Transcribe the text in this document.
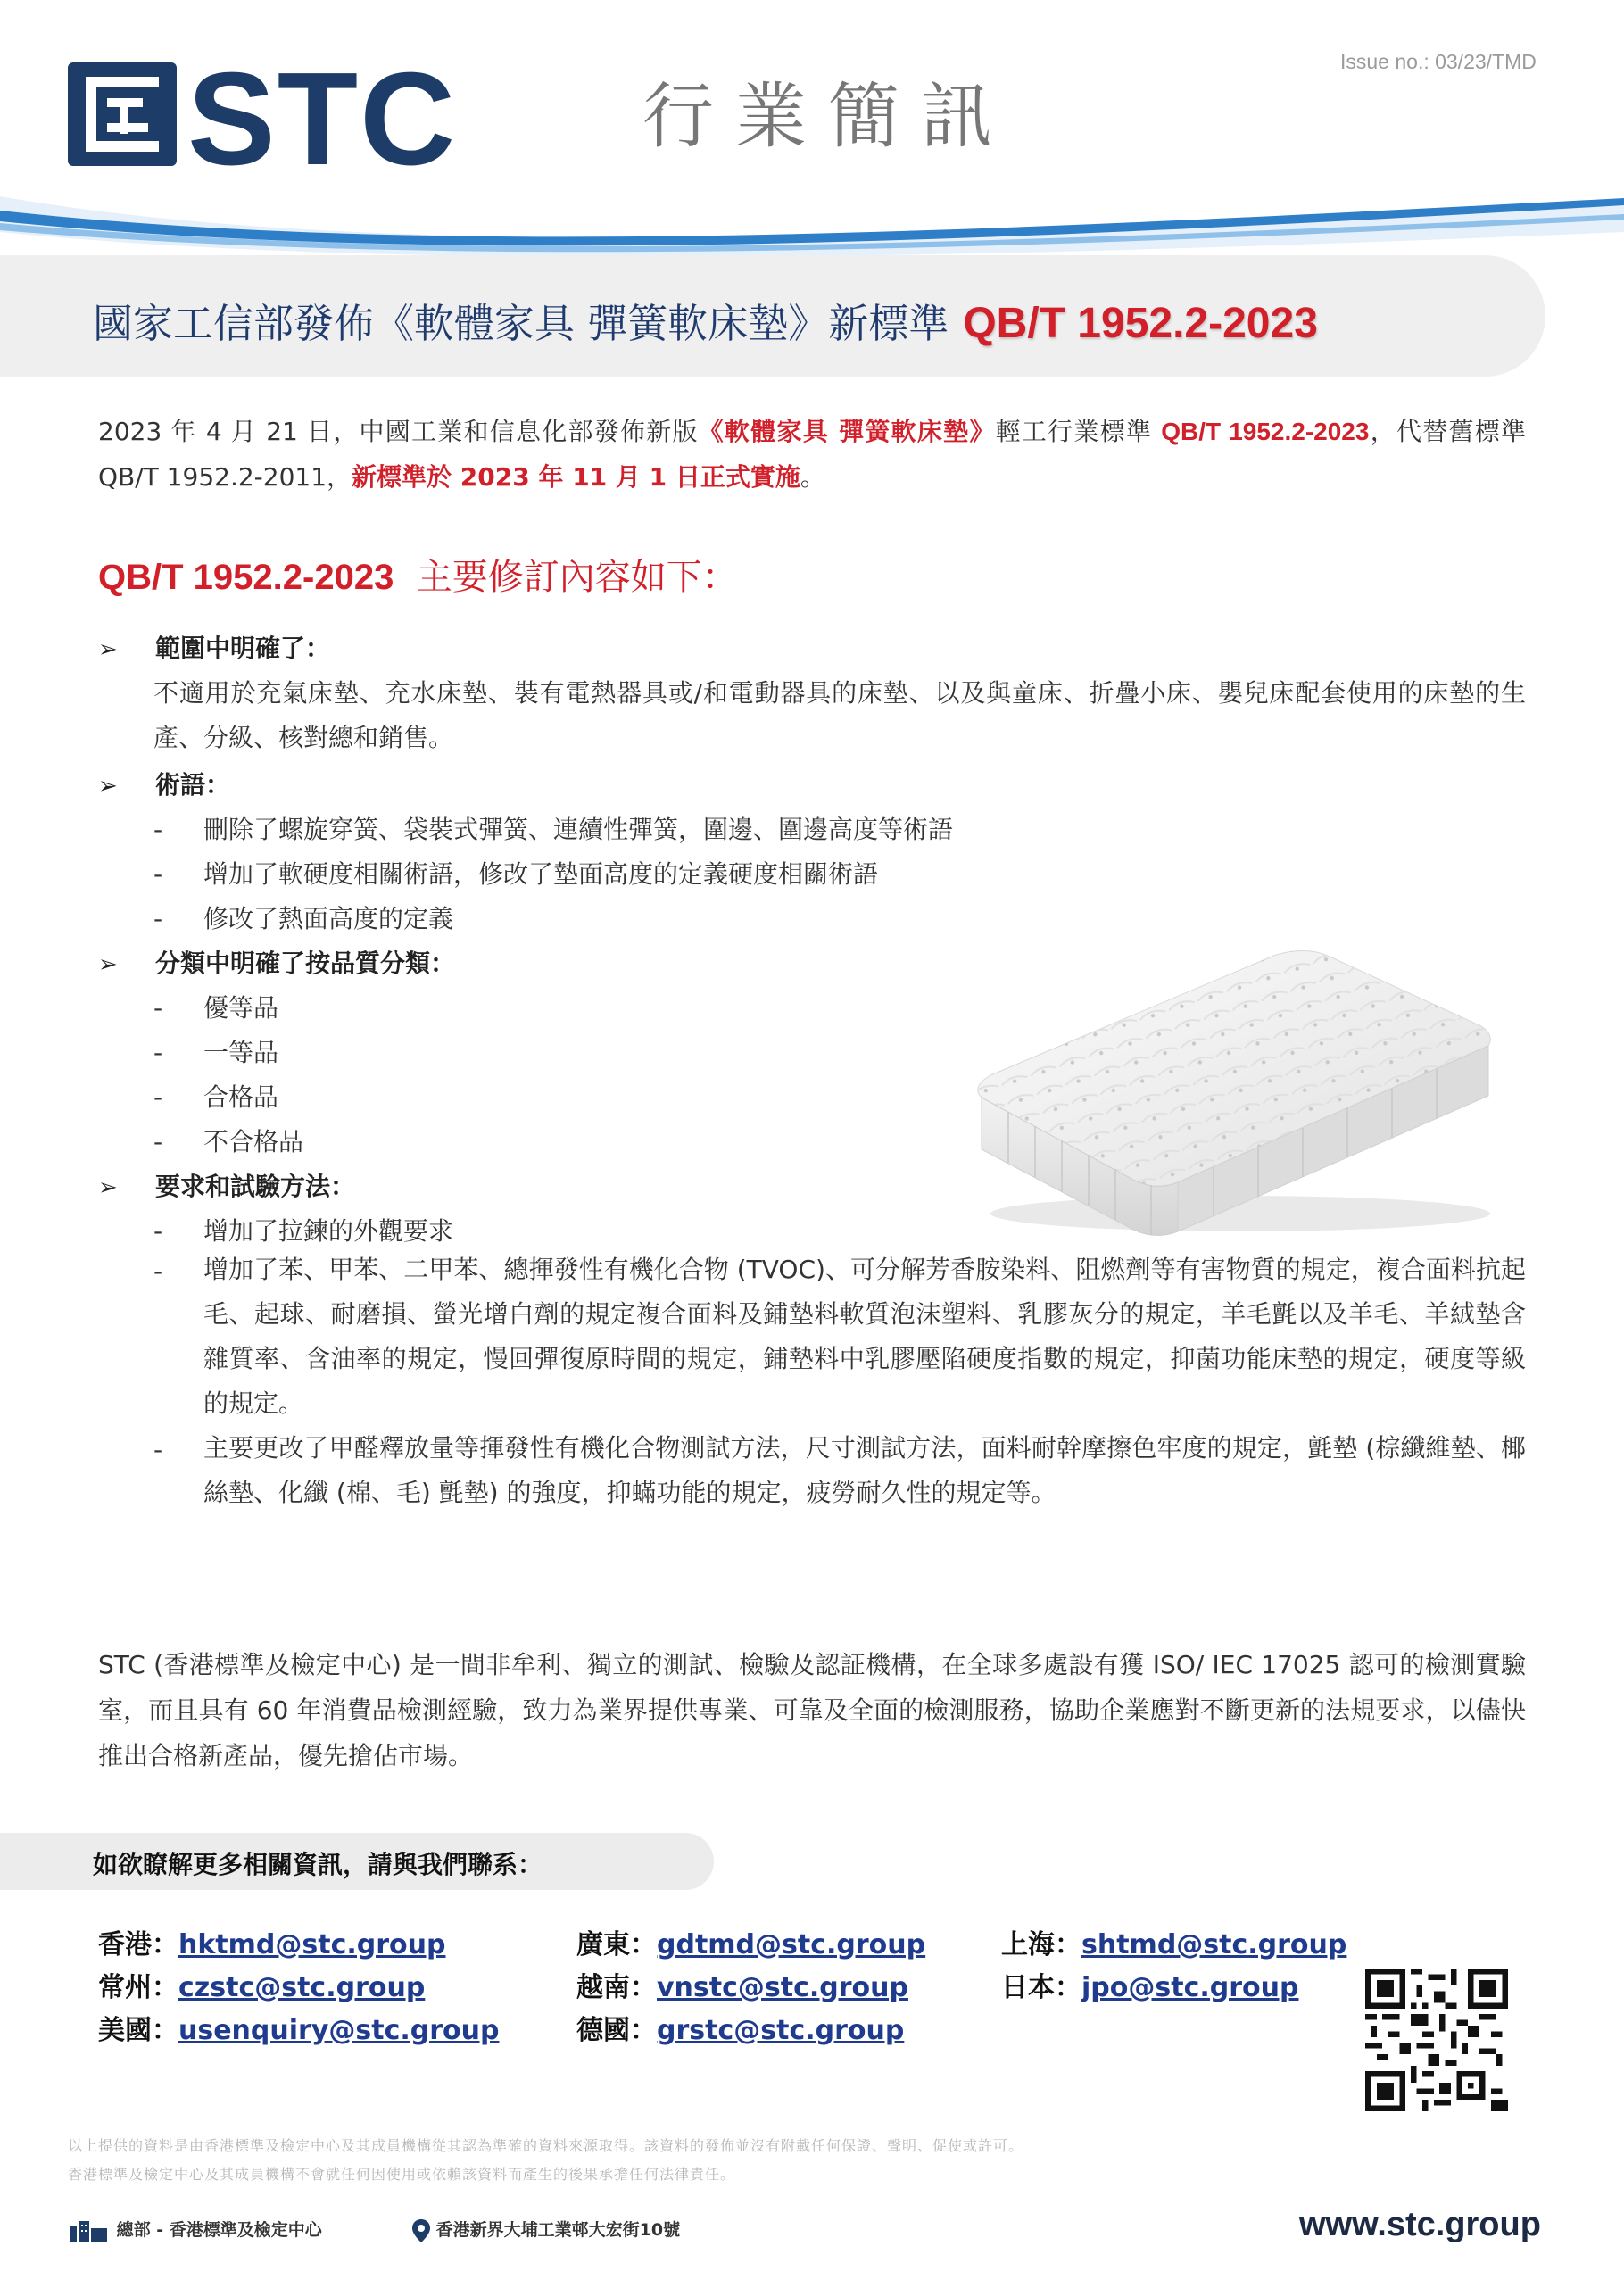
STC	行業簡訊
Issue no.: 03/23/TMD
國家工信部發佈《軟體家具 彈簧軟床墊》新標準 QB/T 1952.2-2023
2023 年 4 月 21 日，中國工業和信息化部發佈新版《軟體家具 彈簧軟床墊》輕工行業標準 QB/T 1952.2-2023，代替舊標準 QB/T 1952.2-2011，新標準於 2023 年 11 月 1 日正式實施。
QB/T 1952.2-2023 主要修訂內容如下：
➢ 範圍中明確了：
不適用於充氣床墊、充水床墊、裝有電熱器具或/和電動器具的床墊、以及與童床、折疊小床、嬰兒床配套使用的床墊的生產、分級、核對總和銷售。
➢ 術語：
- 刪除了螺旋穿簧、袋裝式彈簧、連續性彈簧，圍邊、圍邊高度等術語
- 增加了軟硬度相關術語，修改了墊面高度的定義硬度相關術語
- 修改了熱面高度的定義
➢ 分類中明確了按品質分類：
- 優等品
- 一等品
- 合格品
- 不合格品
➢ 要求和試驗方法：
- 增加了拉鍊的外觀要求
-	增加了苯、甲苯、二甲苯、總揮發性有機化合物 (TVOC)、可分解芳香胺染料、阻燃劑等有害物質的規定，複合面料抗起毛、起球、耐磨損、螢光增白劑的規定複合面料及鋪墊料軟質泡沫塑料、乳膠灰分的規定，羊毛氈以及羊毛、羊絨墊含雜質率、含油率的規定，慢回彈復原時間的規定，鋪墊料中乳膠壓陷硬度指數的規定，抑菌功能床墊的規定，硬度等級的規定。
-	主要更改了甲醛釋放量等揮發性有機化合物測試方法，尺寸測試方法，面料耐幹摩擦色牢度的規定，氈墊 (棕纖維墊、椰絲墊、化纖 (棉、毛) 氈墊) 的強度，抑蟎功能的規定，疲勞耐久性的規定等。
STC (香港標準及檢定中心) 是一間非牟利、獨立的測試、檢驗及認証機構，在全球多處設有獲 ISO/ IEC 17025 認可的檢測實驗室，而且具有 60 年消費品檢測經驗，致力為業界提供專業、可靠及全面的檢測服務，協助企業應對不斷更新的法規要求，以儘快推出合格新產品，優先搶佔市場。
如欲瞭解更多相關資訊，請與我們聯系：
香港：hktmd@stc.group	廣東：gdtmd@stc.group	上海：shtmd@stc.group
常州：czstc@stc.group	越南：vnstc@stc.group	日本：jpo@stc.group
美國：usenquiry@stc.group	德國：grstc@stc.group
以上提供的資料是由香港標準及檢定中心及其成員機構從其認為準確的資料來源取得。該資料的發佈並沒有附載任何保證、聲明、促使或許可。
香港標準及檢定中心及其成員機構不會就任何因使用或依賴該資料而產生的後果承擔任何法律責任。
總部 - 香港標準及檢定中心	香港新界大埔工業邨大宏街10號	www.stc.group
